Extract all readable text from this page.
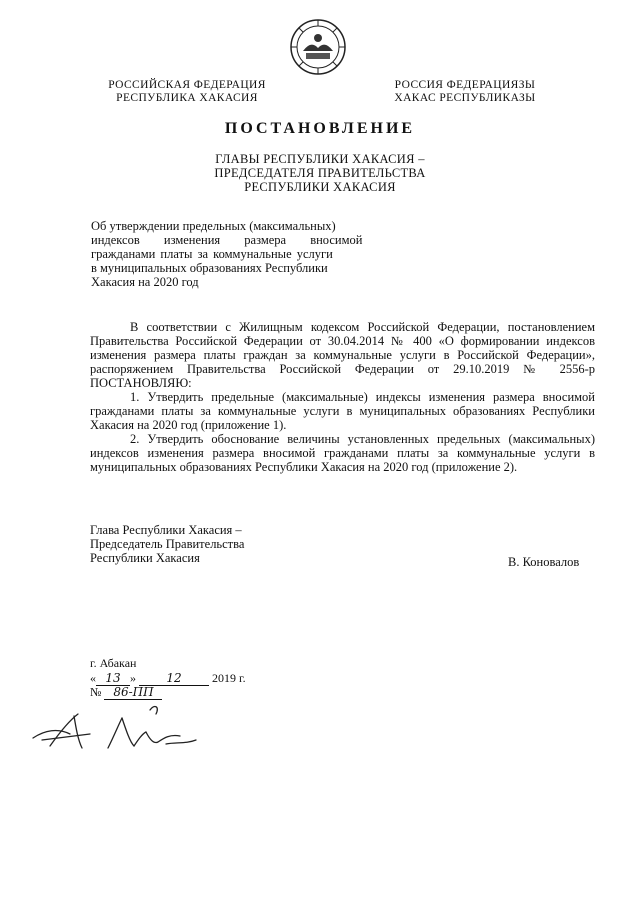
РОССИЙСКАЯ ФЕДЕРАЦИЯ
РЕСПУБЛИКА ХАКАСИЯ
РОССИЯ ФЕДЕРАЦИЯЗЫ
ХАКАС РЕСПУБЛИКАЗЫ
ПОСТАНОВЛЕНИЕ
ГЛАВЫ РЕСПУБЛИКИ ХАКАСИЯ –
ПРЕДСЕДАТЕЛЯ ПРАВИТЕЛЬСТВА
РЕСПУБЛИКИ ХАКАСИЯ
Об утверждении предельных (максимальных)
индексов изменения размера вносимой
гражданами платы за коммунальные услуги
в муниципальных образованиях Республики
Хакасия на 2020 год

В соответствии с Жилищным кодексом Российской Федерации, постановлением Правительства Российской Федерации от 30.04.2014 № 400 «О формировании индексов изменения размера платы граждан за коммунальные услуги в Российской Федерации», распоряжением Правительства Российской Федерации от 29.10.2019 № 2556-р ПОСТАНОВЛЯЮ:

1. Утвердить предельные (максимальные) индексы изменения размера вносимой гражданами платы за коммунальные услуги в муниципальных образованиях Республики Хакасия на 2020 год (приложение 1).

2. Утвердить обоснование величины установленных предельных (максимальных) индексов изменения размера вносимой гражданами платы за коммунальные услуги в муниципальных образованиях Республики Хакасия на 2020 год (приложение 2).

Глава Республики Хакасия –
Председатель Правительства
Республики Хакасия	В. Коновалов
г. Абакан
« 13 »	12	2019 г.
№ 86-ПП
